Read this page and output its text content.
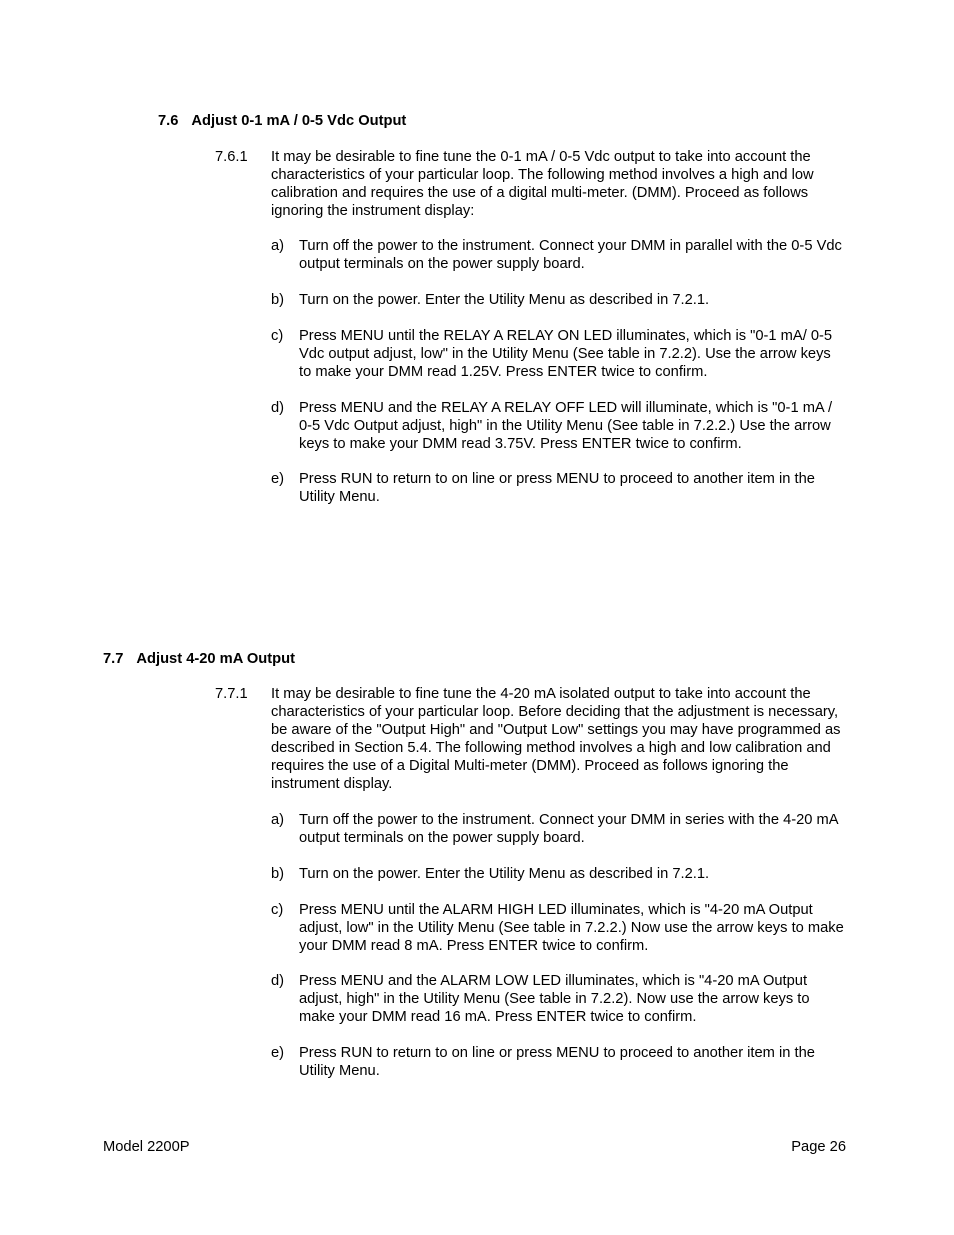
7.6 Adjust 0-1 mA / 0-5 Vdc Output
7.6.1 It may be desirable to fine tune the 0-1 mA / 0-5 Vdc output to take into account the characteristics of your particular loop. The following method involves a high and low calibration and requires the use of a digital multi-meter. (DMM). Proceed as follows ignoring the instrument display:
a) Turn off the power to the instrument. Connect your DMM in parallel with the 0-5 Vdc output terminals on the power supply board.
b) Turn on the power. Enter the Utility Menu as described in 7.2.1.
c) Press MENU until the RELAY A RELAY ON LED illuminates, which is "0-1 mA/ 0-5 Vdc output adjust, low" in the Utility Menu (See table in 7.2.2). Use the arrow keys to make your DMM read 1.25V. Press ENTER twice to confirm.
d) Press MENU and the RELAY A RELAY OFF LED will illuminate, which is "0-1 mA / 0-5 Vdc Output adjust, high" in the Utility Menu (See table in 7.2.2.) Use the arrow keys to make your DMM read 3.75V. Press ENTER twice to confirm.
e) Press RUN to return to on line or press MENU to proceed to another item in the Utility Menu.
7.7 Adjust 4-20 mA Output
7.7.1 It may be desirable to fine tune the 4-20 mA isolated output to take into account the characteristics of your particular loop. Before deciding that the adjustment is necessary, be aware of the "Output High" and "Output Low" settings you may have programmed as described in Section 5.4. The following method involves a high and low calibration and requires the use of a Digital Multi-meter (DMM). Proceed as follows ignoring the instrument display.
a) Turn off the power to the instrument. Connect your DMM in series with the 4-20 mA output terminals on the power supply board.
b) Turn on the power. Enter the Utility Menu as described in 7.2.1.
c) Press MENU until the ALARM HIGH LED illuminates, which is "4-20 mA Output adjust, low" in the Utility Menu (See table in 7.2.2.) Now use the arrow keys to make your DMM read 8 mA. Press ENTER twice to confirm.
d) Press MENU and the ALARM LOW LED illuminates, which is "4-20 mA Output adjust, high" in the Utility Menu (See table in 7.2.2). Now use the arrow keys to make your DMM read 16 mA. Press ENTER twice to confirm.
e) Press RUN to return to on line or press MENU to proceed to another item in the Utility Menu.
Model 2200P	Page 26
